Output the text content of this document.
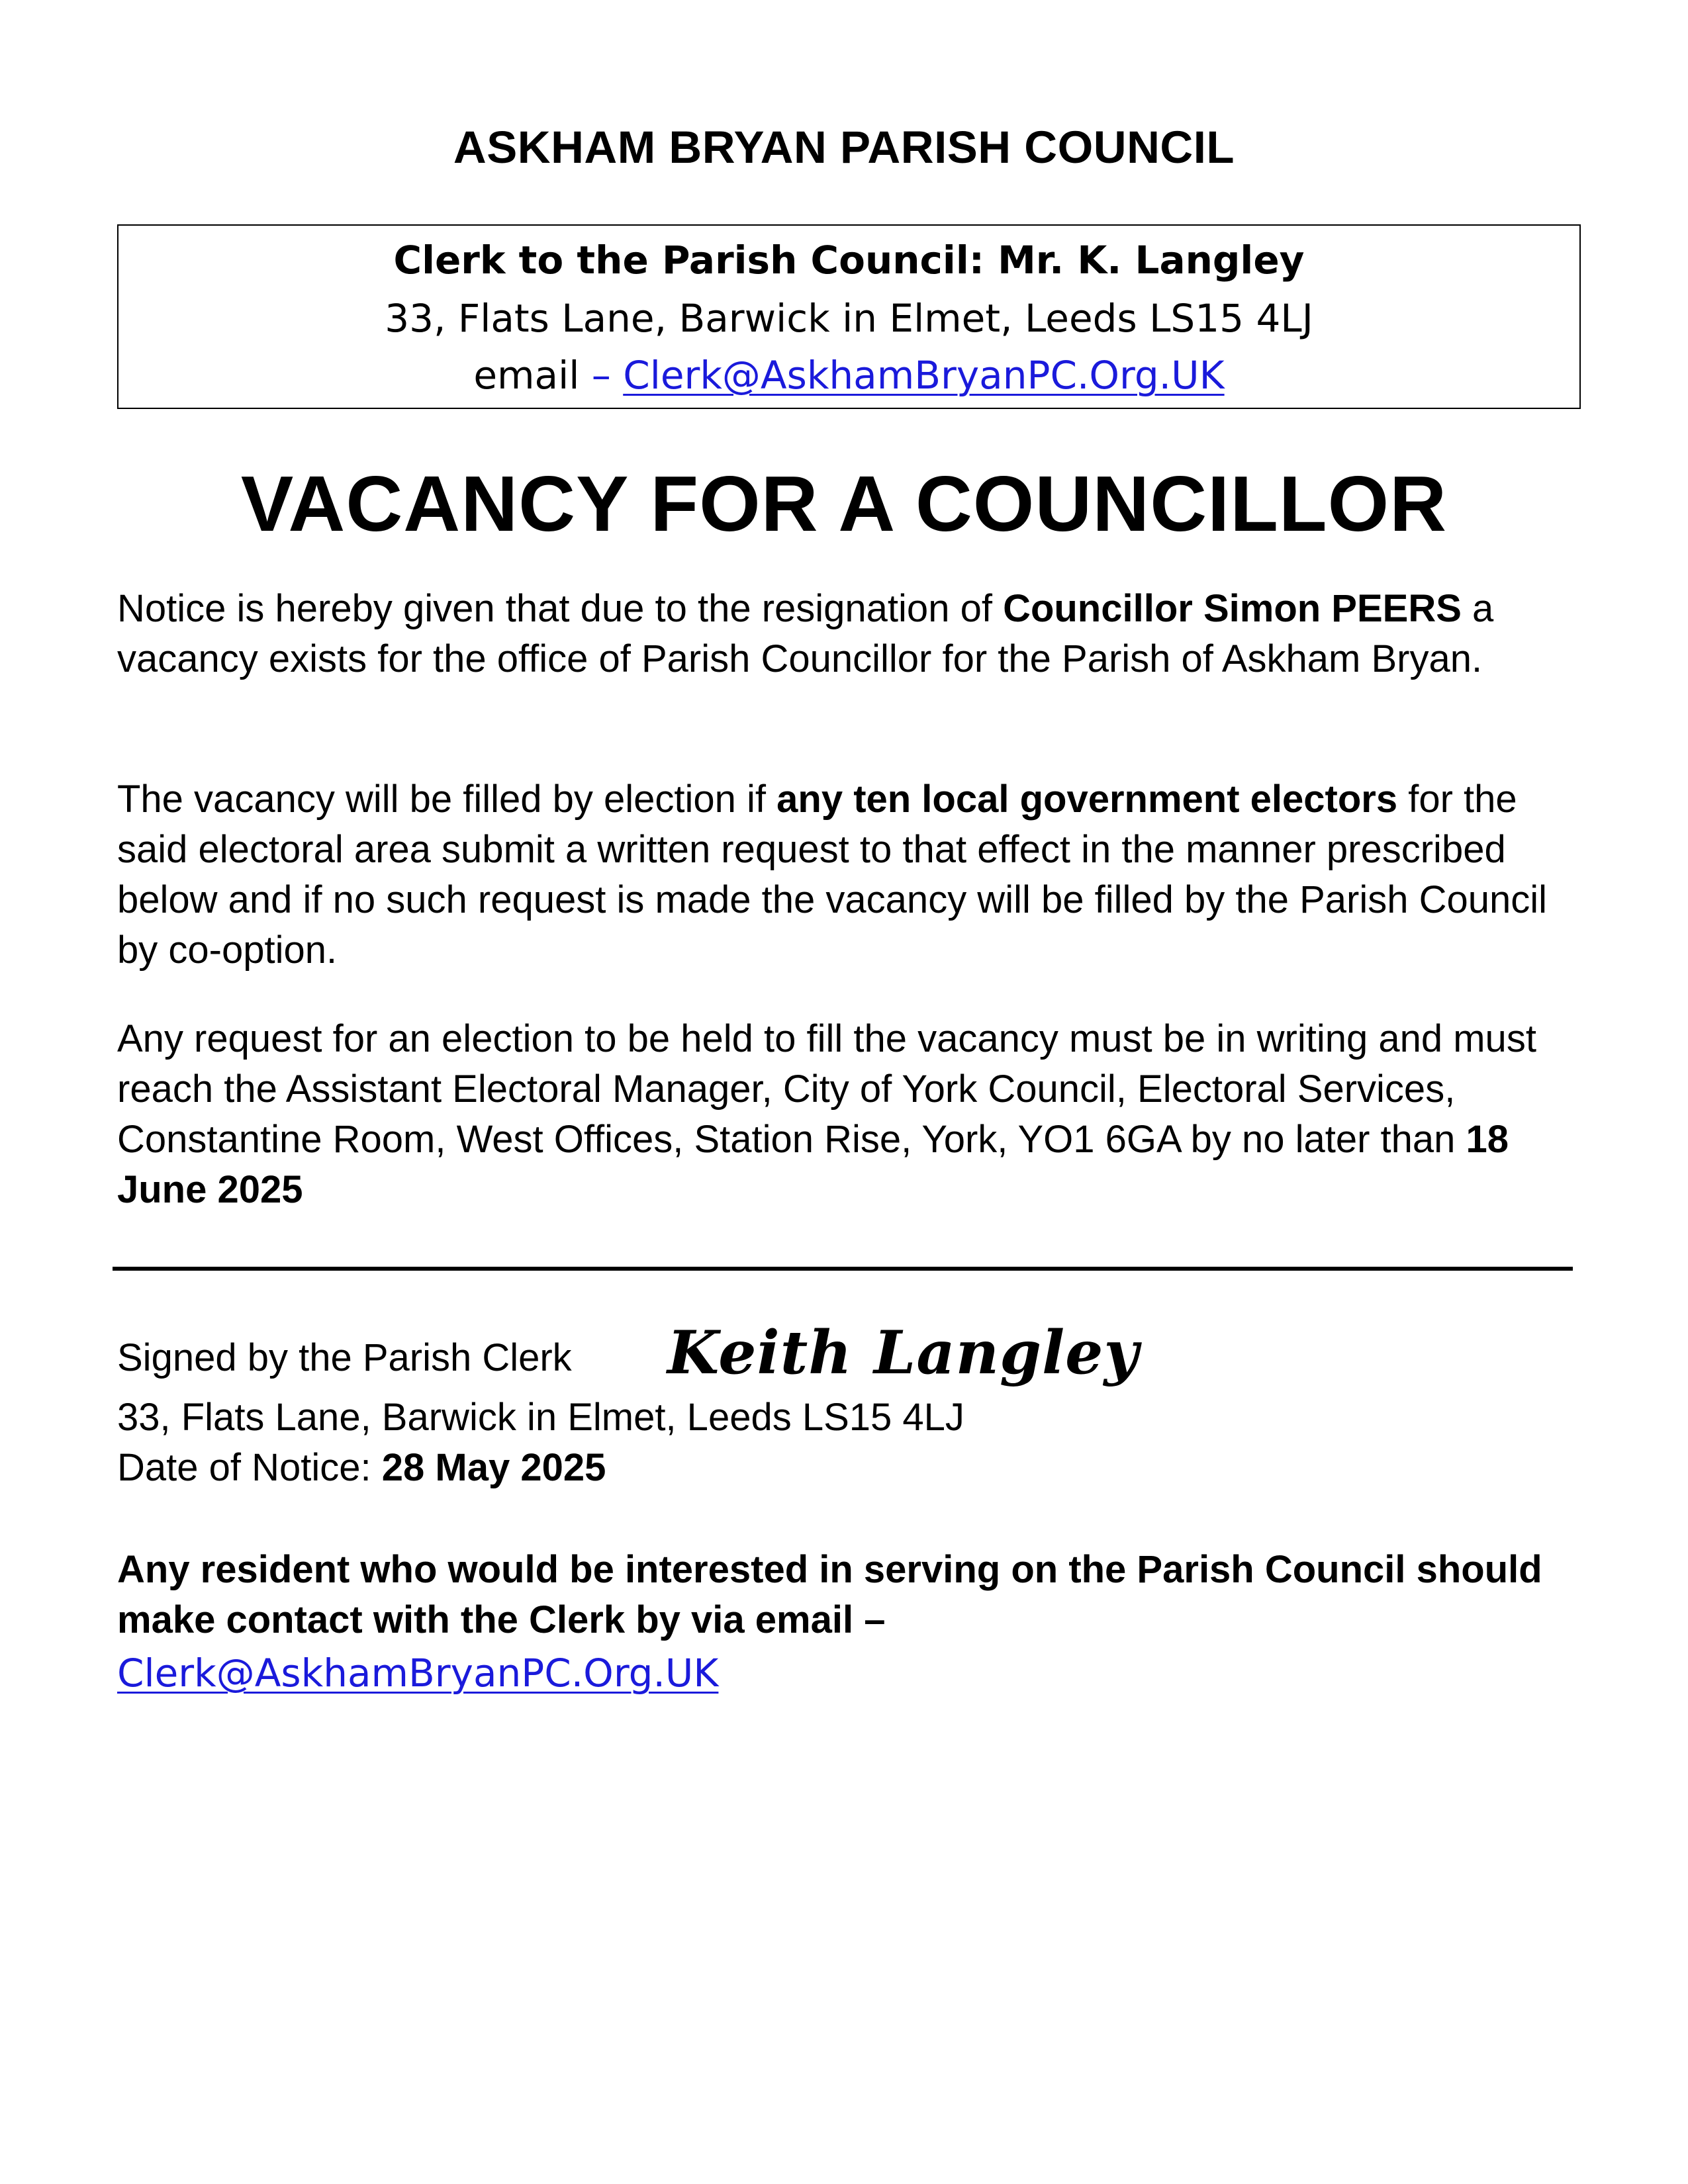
ASKHAM BRYAN PARISH COUNCIL
Clerk to the Parish Council: Mr. K. Langley
33, Flats Lane, Barwick in Elmet, Leeds LS15 4LJ
email – Clerk@AskhamBryanPC.Org.UK
VACANCY FOR A COUNCILLOR

Notice is hereby given that due to the resignation of Councillor Simon PEERS a vacancy exists for the office of Parish Councillor for the Parish of Askham Bryan.

The vacancy will be filled by election if any ten local government electors for the said electoral area submit a written request to that effect in the manner prescribed below and if no such request is made the vacancy will be filled by the Parish Council by co-option.

Any request for an election to be held to fill the vacancy must be in writing and must reach the Assistant Electoral Manager, City of York Council, Electoral Services, Constantine Room, West Offices, Station Rise, York, YO1 6GA by no later than 18 June 2025

Signed by the Parish Clerk Keith Langley
33, Flats Lane, Barwick in Elmet, Leeds LS15 4LJ
Date of Notice: 28 May 2025
Any resident who would be interested in serving on the Parish Council should make contact with the Clerk by via email –
Clerk@AskhamBryanPC.Org.UK
